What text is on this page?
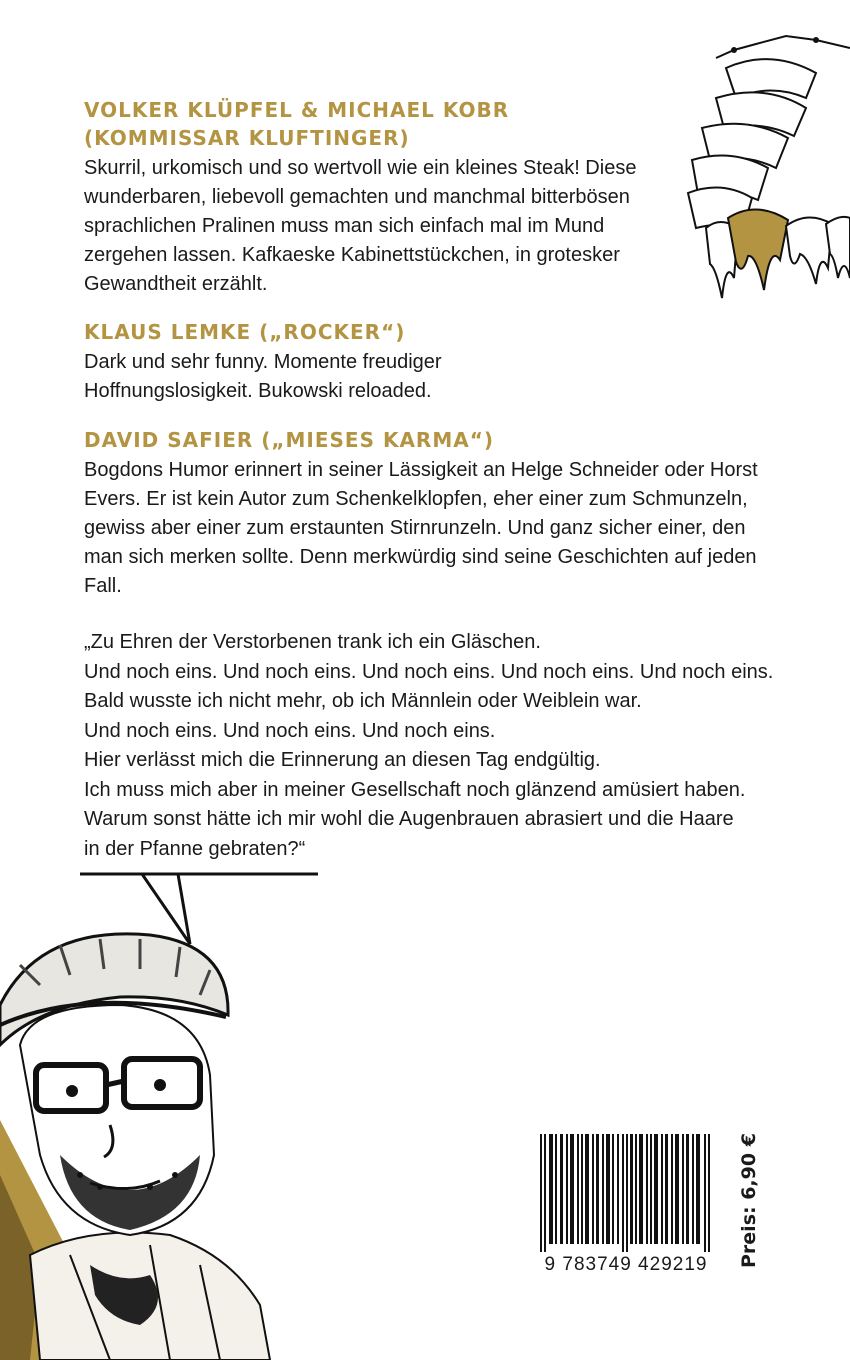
VOLKER KLÜPFEL & MICHAEL KOBR (KOMMISSAR KLUFTINGER)

Skurril, urkomisch und so wertvoll wie ein kleines Steak! Diese wunderbaren, liebevoll gemachten und manchmal bitterbösen sprachlichen Pralinen muss man sich einfach mal im Mund zergehen lassen. Kafkaeske Kabinettstückchen, in grotesker Gewandtheit erzählt.

KLAUS LEMKE („ROCKER“)

Dark und sehr funny. Momente freudiger Hoffnungslosigkeit. Bukowski reloaded.

DAVID SAFIER („MIESES KARMA“)

Bogdons Humor erinnert in seiner Lässigkeit an Helge Schneider oder Horst Evers. Er ist kein Autor zum Schenkelklopfen, eher einer zum Schmunzeln, gewiss aber einer zum erstaunten Stirnrunzeln. Und ganz sicher einer, den man sich merken sollte. Denn merkwürdig sind seine Geschichten auf jeden Fall.

„Zu Ehren der Verstorbenen trank ich ein Gläschen.

Und noch eins. Und noch eins. Und noch eins. Und noch eins. Und noch eins.

Bald wusste ich nicht mehr, ob ich Männlein oder Weiblein war.

Und noch eins. Und noch eins. Und noch eins.

Hier verlässt mich die Erinnerung an diesen Tag endgültig.

Ich muss mich aber in meiner Gesellschaft noch glänzend amüsiert haben.

Warum sonst hätte ich mir wohl die Augenbrauen abrasiert und die Haare

in der Pfanne gebraten?“

9 783749 429219	Preis: 6,90 €
